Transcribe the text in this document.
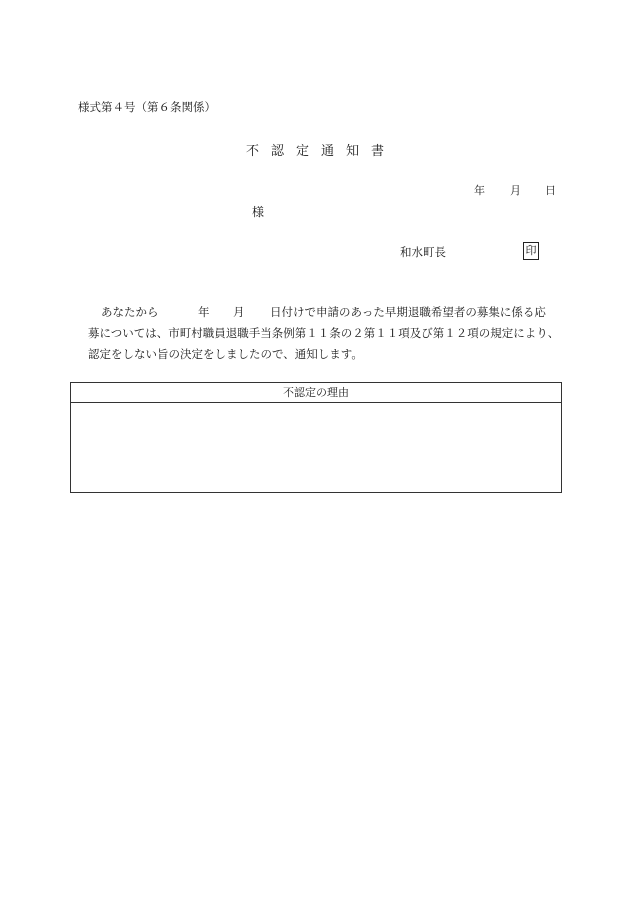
様式第４号（第６条関係）
不 認 定 通 知 書
年 月 日
様
和水町長	印
あなたから	年 月 日付けで申請のあった早期退職希望者の募集に係る応
募については、市町村職員退職手当条例第１１条の２第１１項及び第１２項の規定により、
認定をしない旨の決定をしましたので、通知します。
不認定の理由
